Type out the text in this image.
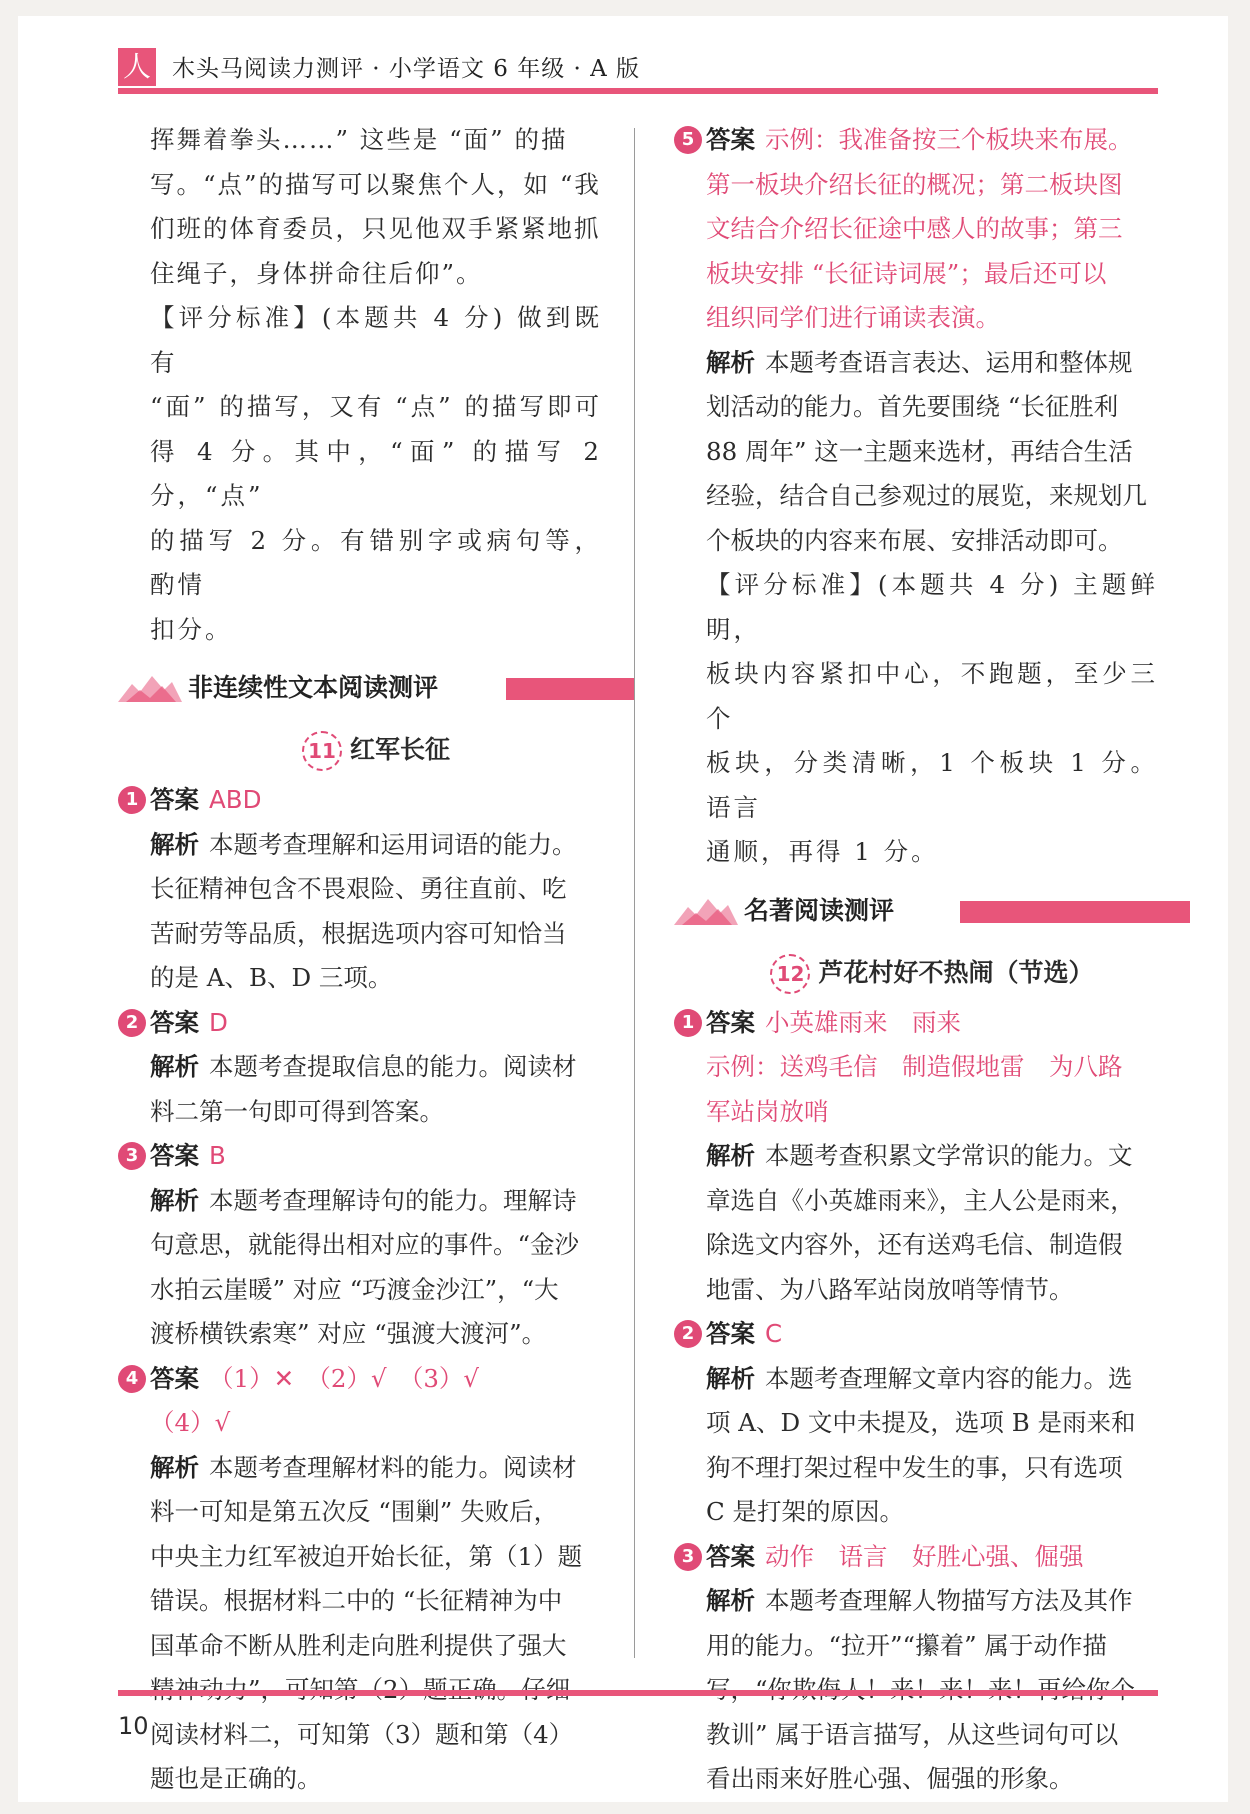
人 木头马阅读力测评 · 小学语文 6 年级 · A 版

挥舞着拳头……” 这些是 “面” 的描

写。“点”的描写可以聚焦个人，如 “我

们班的体育委员，只见他双手紧紧地抓

住绳子，身体拼命往后仰”。

【评分标准】(本题共 4 分) 做到既有

“面” 的描写，又有 “点” 的描写即可

得 4 分。其中，“面” 的描写 2 分，“点”

的描写 2 分。有错别字或病句等，酌情

扣分。

非连续性文本阅读测评
11 红军长征

1 答案 ABD

解析 本题考查理解和运用词语的能力。

长征精神包含不畏艰险、勇往直前、吃

苦耐劳等品质，根据选项内容可知恰当

的是 A、B、D 三项。

2 答案 D

解析 本题考查提取信息的能力。阅读材

料二第一句即可得到答案。

3 答案 B

解析 本题考查理解诗句的能力。理解诗

句意思，就能得出相对应的事件。“金沙

水拍云崖暖” 对应 “巧渡金沙江”，“大

渡桥横铁索寒” 对应 “强渡大渡河”。

4 答案 （1）✕　（2）√　（3）√

（4）√

解析 本题考查理解材料的能力。阅读材

料一可知是第五次反 “围剿” 失败后，

中央主力红军被迫开始长征，第（1）题

错误。根据材料二中的 “长征精神为中

国革命不断从胜利走向胜利提供了强大

阅读材料二，可知第（3）题和第（4）

题也是正确的。

5 答案 示例：我准备按三个板块来布展。

第一板块介绍长征的概况；第二板块图

文结合介绍长征途中感人的故事；第三

板块安排 “长征诗词展”；最后还可以

组织同学们进行诵读表演。

解析 本题考查语言表达、运用和整体规

划活动的能力。首先要围绕 “长征胜利

88 周年” 这一主题来选材，再结合生活

经验，结合自己参观过的展览，来规划几

个板块的内容来布展、安排活动即可。

【评分标准】(本题共 4 分) 主题鲜明，

板块内容紧扣中心，不跑题，至少三个

板块，分类清晰，1 个板块 1 分。语言

通顺，再得 1 分。

名著阅读测评
12 芦花村好不热闹（节选）

1 答案 小英雄雨来　雨来

示例：送鸡毛信　制造假地雷　为八路

军站岗放哨

解析 本题考查积累文学常识的能力。文

章选自《小英雄雨来》，主人公是雨来，

除选文内容外，还有送鸡毛信、制造假

地雷、为八路军站岗放哨等情节。

2 答案 C

解析 本题考查理解文章内容的能力。选

项 A、D 文中未提及，选项 B 是雨来和

狗不理打架过程中发生的事，只有选项

C 是打架的原因。

3 答案 动作　语言　好胜心强、倔强

解析 本题考查理解人物描写方法及其作

用的能力。“拉开”“攥着” 属于动作描

教训” 属于语言描写，从这些词句可以

看出雨来好胜心强、倔强的形象。

10
